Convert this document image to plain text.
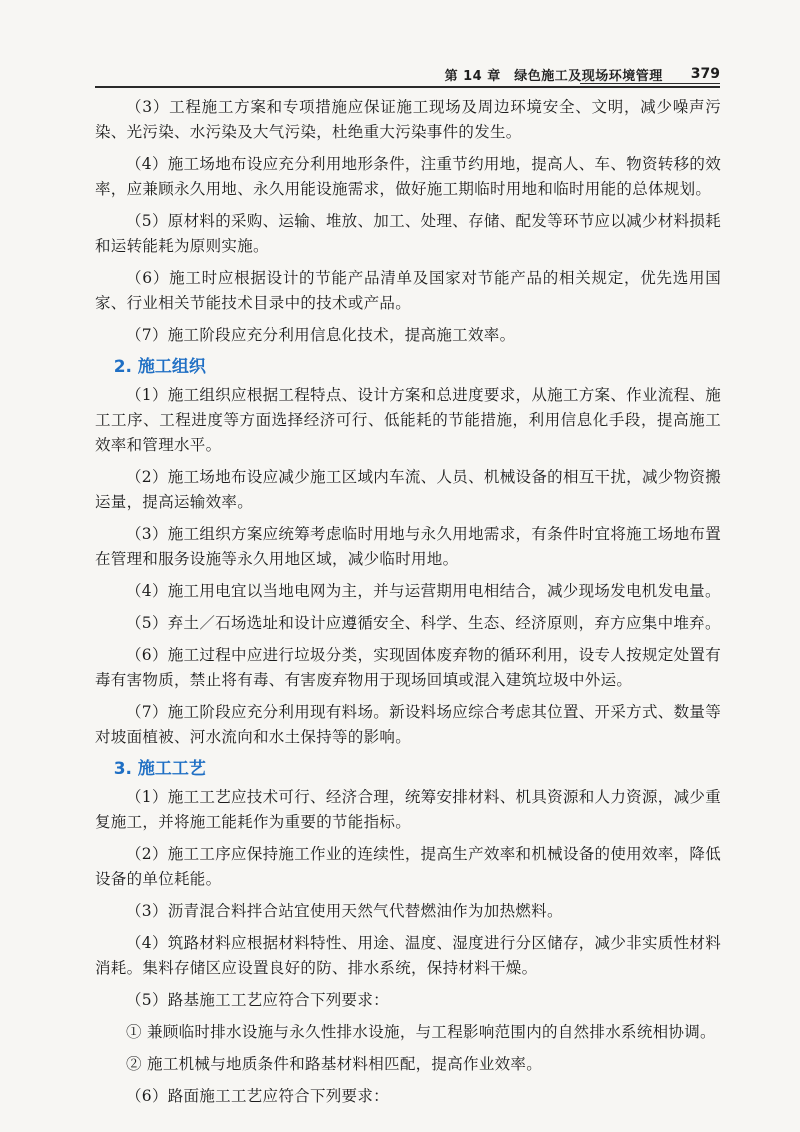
第 14 章　绿色施工及现场环境管理 379

（3）工程施工方案和专项措施应保证施工现场及周边环境安全、文明，减少噪声污染、光污染、水污染及大气污染，杜绝重大污染事件的发生。

（4）施工场地布设应充分利用地形条件，注重节约用地，提高人、车、物资转移的效率，应兼顾永久用地、永久用能设施需求，做好施工期临时用地和临时用能的总体规划。

（5）原材料的采购、运输、堆放、加工、处理、存储、配发等环节应以减少材料损耗和运转能耗为原则实施。

（6）施工时应根据设计的节能产品清单及国家对节能产品的相关规定，优先选用国家、行业相关节能技术目录中的技术或产品。

（7）施工阶段应充分利用信息化技术，提高施工效率。

2. 施工组织

（1）施工组织应根据工程特点、设计方案和总进度要求，从施工方案、作业流程、施工工序、工程进度等方面选择经济可行、低能耗的节能措施，利用信息化手段，提高施工效率和管理水平。

（2）施工场地布设应减少施工区域内车流、人员、机械设备的相互干扰，减少物资搬运量，提高运输效率。

（3）施工组织方案应统筹考虑临时用地与永久用地需求，有条件时宜将施工场地布置在管理和服务设施等永久用地区域，减少临时用地。

（4）施工用电宜以当地电网为主，并与运营期用电相结合，减少现场发电机发电量。

（5）弃土／石场选址和设计应遵循安全、科学、生态、经济原则，弃方应集中堆弃。

（6）施工过程中应进行垃圾分类，实现固体废弃物的循环利用，设专人按规定处置有毒有害物质，禁止将有毒、有害废弃物用于现场回填或混入建筑垃圾中外运。

（7）施工阶段应充分利用现有料场。新设料场应综合考虑其位置、开采方式、数量等对坡面植被、河水流向和水土保持等的影响。

3. 施工工艺

（1）施工工艺应技术可行、经济合理，统筹安排材料、机具资源和人力资源，减少重复施工，并将施工能耗作为重要的节能指标。

（2）施工工序应保持施工作业的连续性，提高生产效率和机械设备的使用效率，降低设备的单位耗能。

（3）沥青混合料拌合站宜使用天然气代替燃油作为加热燃料。

（4）筑路材料应根据材料特性、用途、温度、湿度进行分区储存，减少非实质性材料消耗。集料存储区应设置良好的防、排水系统，保持材料干燥。

（5）路基施工工艺应符合下列要求：

① 兼顾临时排水设施与永久性排水设施，与工程影响范围内的自然排水系统相协调。

② 施工机械与地质条件和路基材料相匹配，提高作业效率。

（6）路面施工工艺应符合下列要求：
